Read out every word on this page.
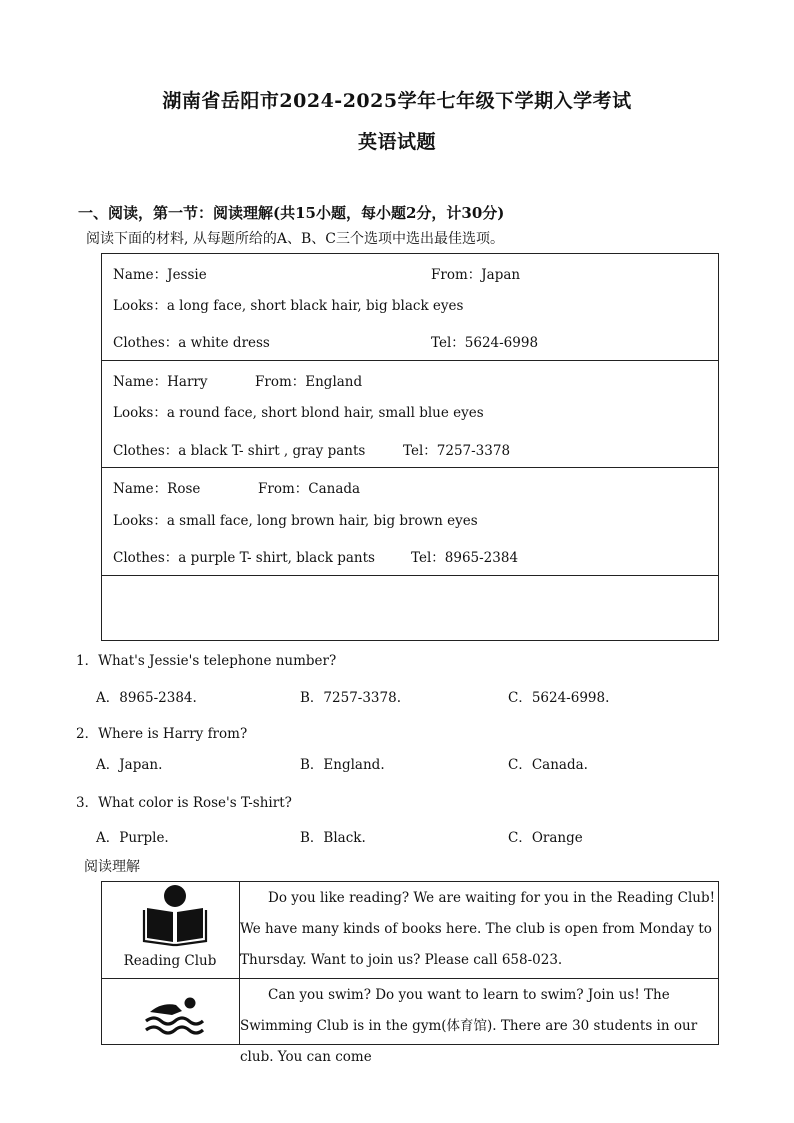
湖南省岳阳市2024-2025学年七年级下学期入学考试
英语试题
一、阅读，第一节：阅读理解(共15小题，每小题2分，计30分)
阅读下面的材料, 从每题所给的A、B、C三个选项中选出最佳选项。
Name：Jessie	From：Japan
Looks：a long face, short black hair, big black eyes
Clothes：a white dress	Tel：5624-6998
Name：Harry	From：England
Looks：a round face, short blond hair, small blue eyes
Clothes：a black T- shirt , gray pants	Tel：7257-3378
Name：Rose	From：Canada
Looks：a small face, long brown hair, big brown eyes
Clothes：a purple T- shirt, black pants	Tel：8965-2384
1．What's Jessie's telephone number?
A．8965-2384.	B．7257-3378.	C．5624-6998.
2．Where is Harry from?
A．Japan.	B．England.	C．Canada.
3．What color is Rose's T-shirt?
A．Purple.	B．Black.	C．Orange
阅读理解
Reading Club
Do you like reading? We are waiting for you in the Reading Club! We have many kinds of books here. The club is open from Monday to Thursday. Want to join us? Please call 658-023.
Can you swim? Do you want to learn to swim? Join us! The Swimming Club is in the gym(体育馆). There are 30 students in our club. You can come
